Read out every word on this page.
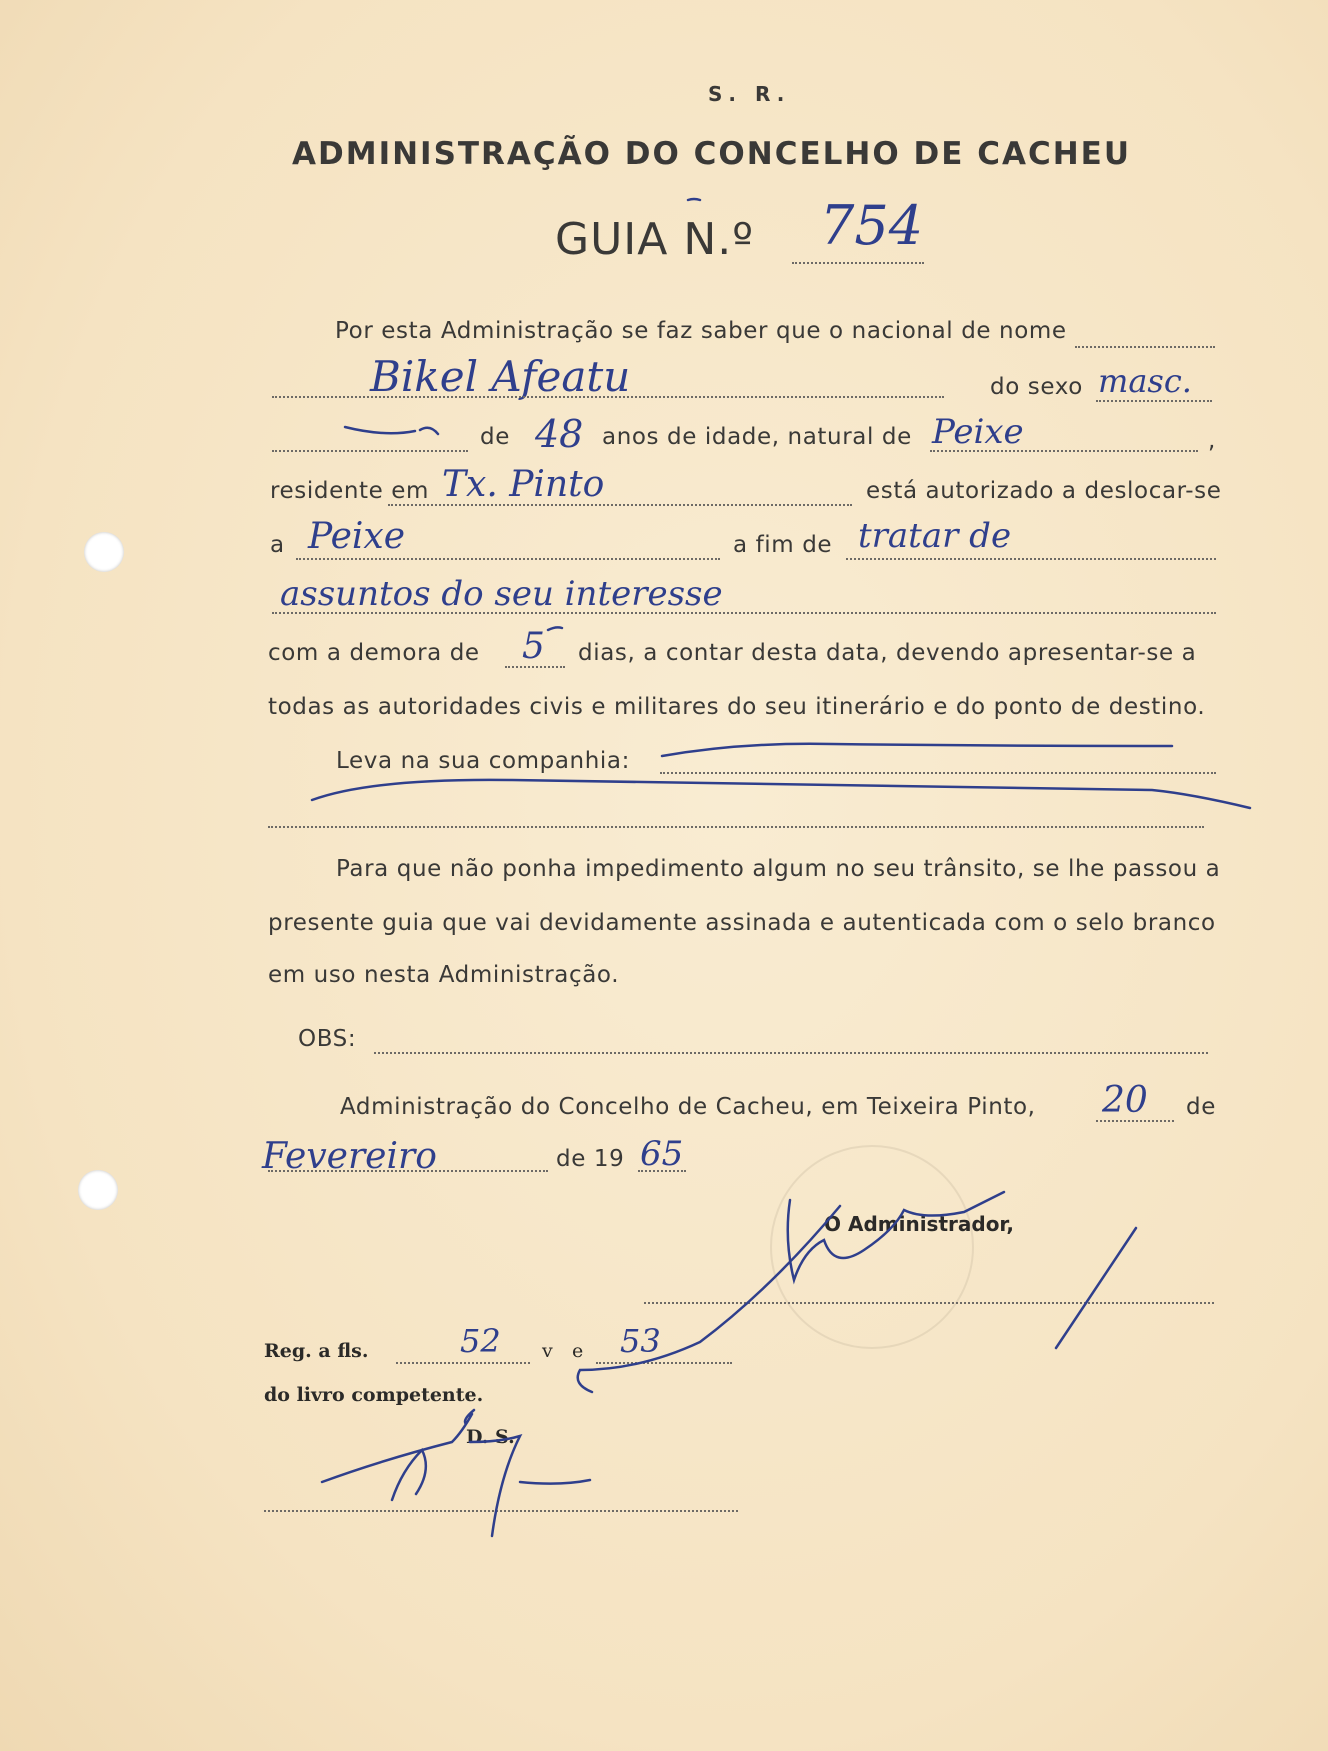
S. R.
ADMINISTRAÇÃO DO CONCELHO DE CACHEU
GUIA N.º 754
Por esta Administração se faz saber que o nacional de nome
Bikel Afeatu	do sexo masc.
de 48 anos de idade, natural de Peixe	,
residente em Tx. Pinto	está autorizado a deslocar-se
a Peixe	a fim de tratar de
assuntos do seu interesse
com a demora de 5 dias, a contar desta data, devendo apresentar-se a
todas as autoridades civis e militares do seu itinerário e do ponto de destino.
Leva na sua companhia:
Para que não ponha impedimento algum no seu trânsito, se lhe passou a
presente guia que vai devidamente assinada e autenticada com o selo branco
em uso nesta Administração.
OBS:
Administração do Concelho de Cacheu, em Teixeira Pinto, 20 de
Fevereiro	de 19 65
O Administrador,
Reg. a fls.	52 v e 53
do livro competente.
D. S.
